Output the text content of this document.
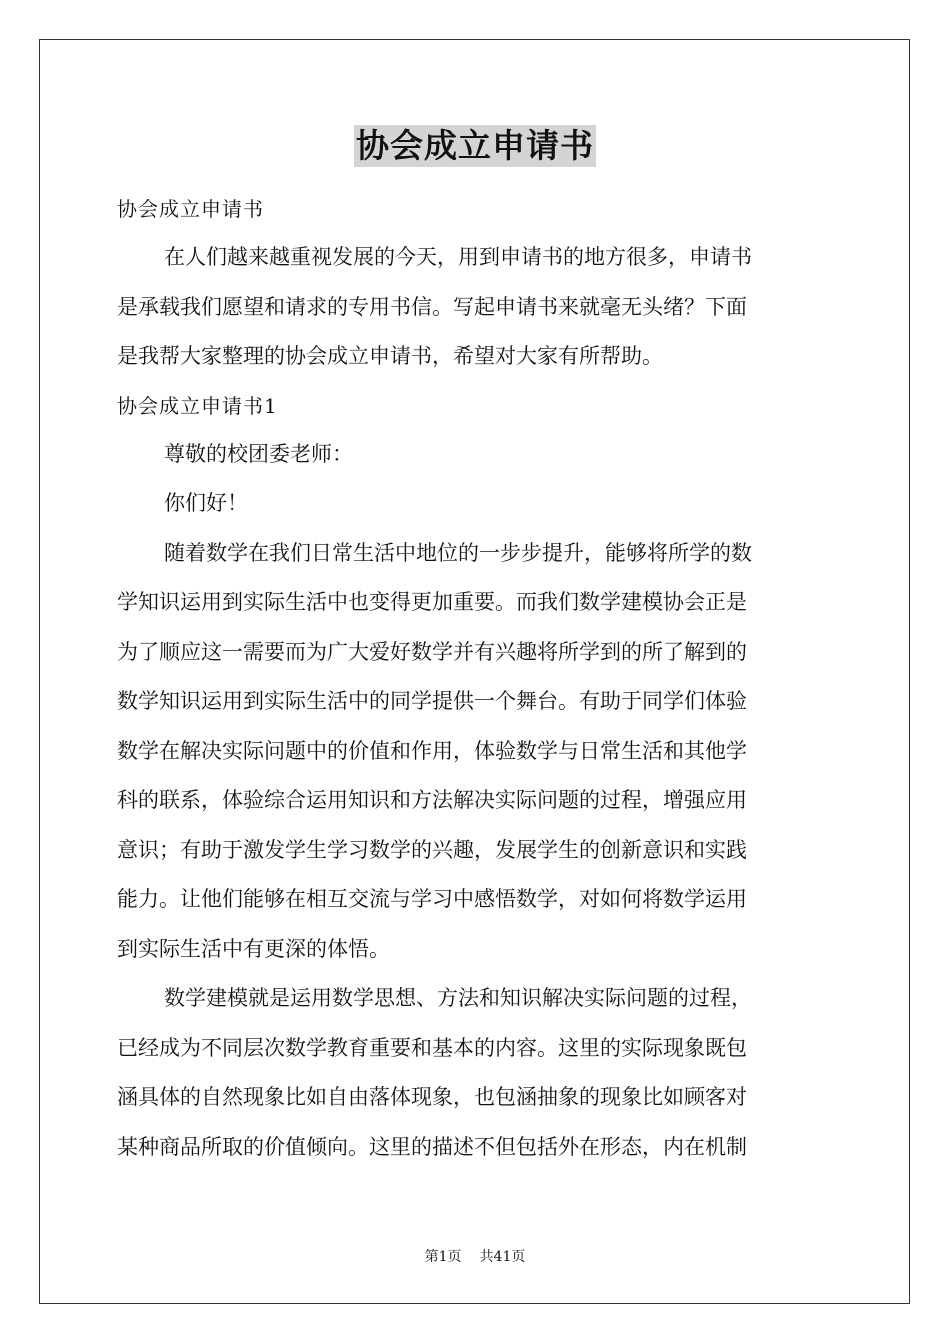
协会成立申请书

协会成立申请书

在人们越来越重视发展的今天，用到申请书的地方很多，申请书

是承载我们愿望和请求的专用书信。写起申请书来就毫无头绪？下面

是我帮大家整理的协会成立申请书，希望对大家有所帮助。

协会成立申请书1

尊敬的校团委老师：

你们好！

随着数学在我们日常生活中地位的一步步提升，能够将所学的数

学知识运用到实际生活中也变得更加重要。而我们数学建模协会正是

为了顺应这一需要而为广大爱好数学并有兴趣将所学到的所了解到的

数学知识运用到实际生活中的同学提供一个舞台。有助于同学们体验

数学在解决实际问题中的价值和作用，体验数学与日常生活和其他学

科的联系，体验综合运用知识和方法解决实际问题的过程，增强应用

意识；有助于激发学生学习数学的兴趣，发展学生的创新意识和实践

能力。让他们能够在相互交流与学习中感悟数学，对如何将数学运用

到实际生活中有更深的体悟。

数学建模就是运用数学思想、方法和知识解决实际问题的过程，

已经成为不同层次数学教育重要和基本的内容。这里的实际现象既包

涵具体的自然现象比如自由落体现象，也包涵抽象的现象比如顾客对

某种商品所取的价值倾向。这里的描述不但包括外在形态，内在机制

第1页 共41页
